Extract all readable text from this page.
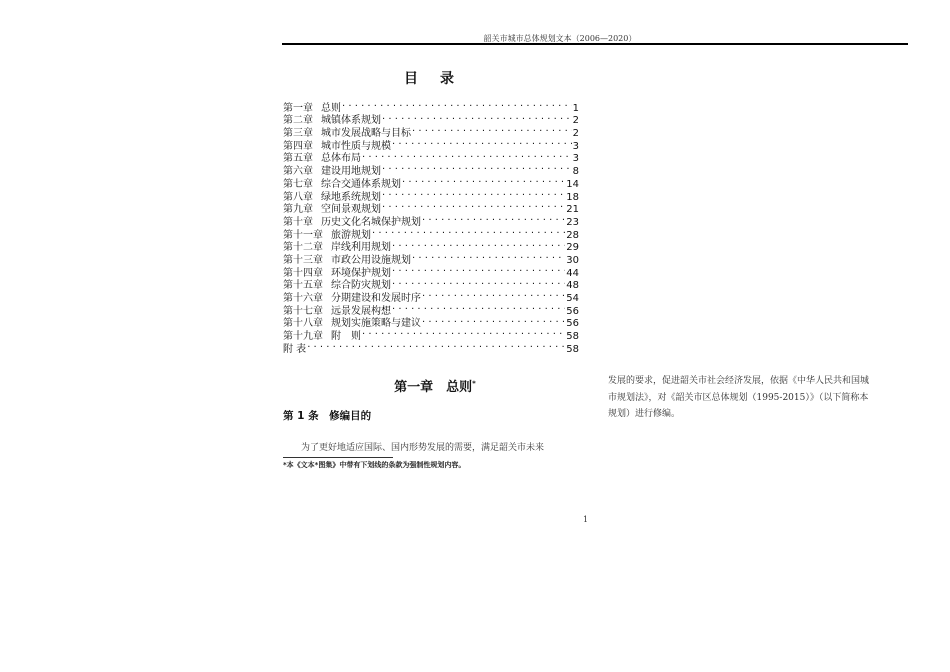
韶关市城市总体规划文本（2006—2020）
目　录
第一章 总则 . . .	1
第二章 城镇体系规划 . . .	2
第三章 城市发展战略与目标 . . .	2
第四章 城市性质与规模 . . .	3
第五章 总体布局 . . .	3
第六章 建设用地规划 . . .	8
第七章 综合交通体系规划 . . .	14
第八章 绿地系统规划 . . .	18
第九章 空间景观规划 . . .	21
第十章 历史文化名城保护规划 . . .	23
第十一章 旅游规划 . . .	28
第十二章 岸线利用规划 . . .	29
第十三章 市政公用设施规划 . . .	30
第十四章 环境保护规划 . . .	44
第十五章 综合防灾规划 . . .	48
第十六章 分期建设和发展时序 . . .	54
第十七章 远景发展构想 . . .	56
第十八章 规划实施策略与建议 . . .	56
第十九章 附　则 . . .	58
附 表 . . .	58
第一章　总则*
第 1 条　修编目的
为了更好地适应国际、国内形势发展的需要，满足韶关市未来
*本《文本*图集》中带有下划线的条款为强制性规划内容。
发展的要求，促进韶关市社会经济发展，依据《中华人民共和国城
市规划法》，对《韶关市区总体规划（1995-2015）》（以下简称本
规划）进行修编。
1
